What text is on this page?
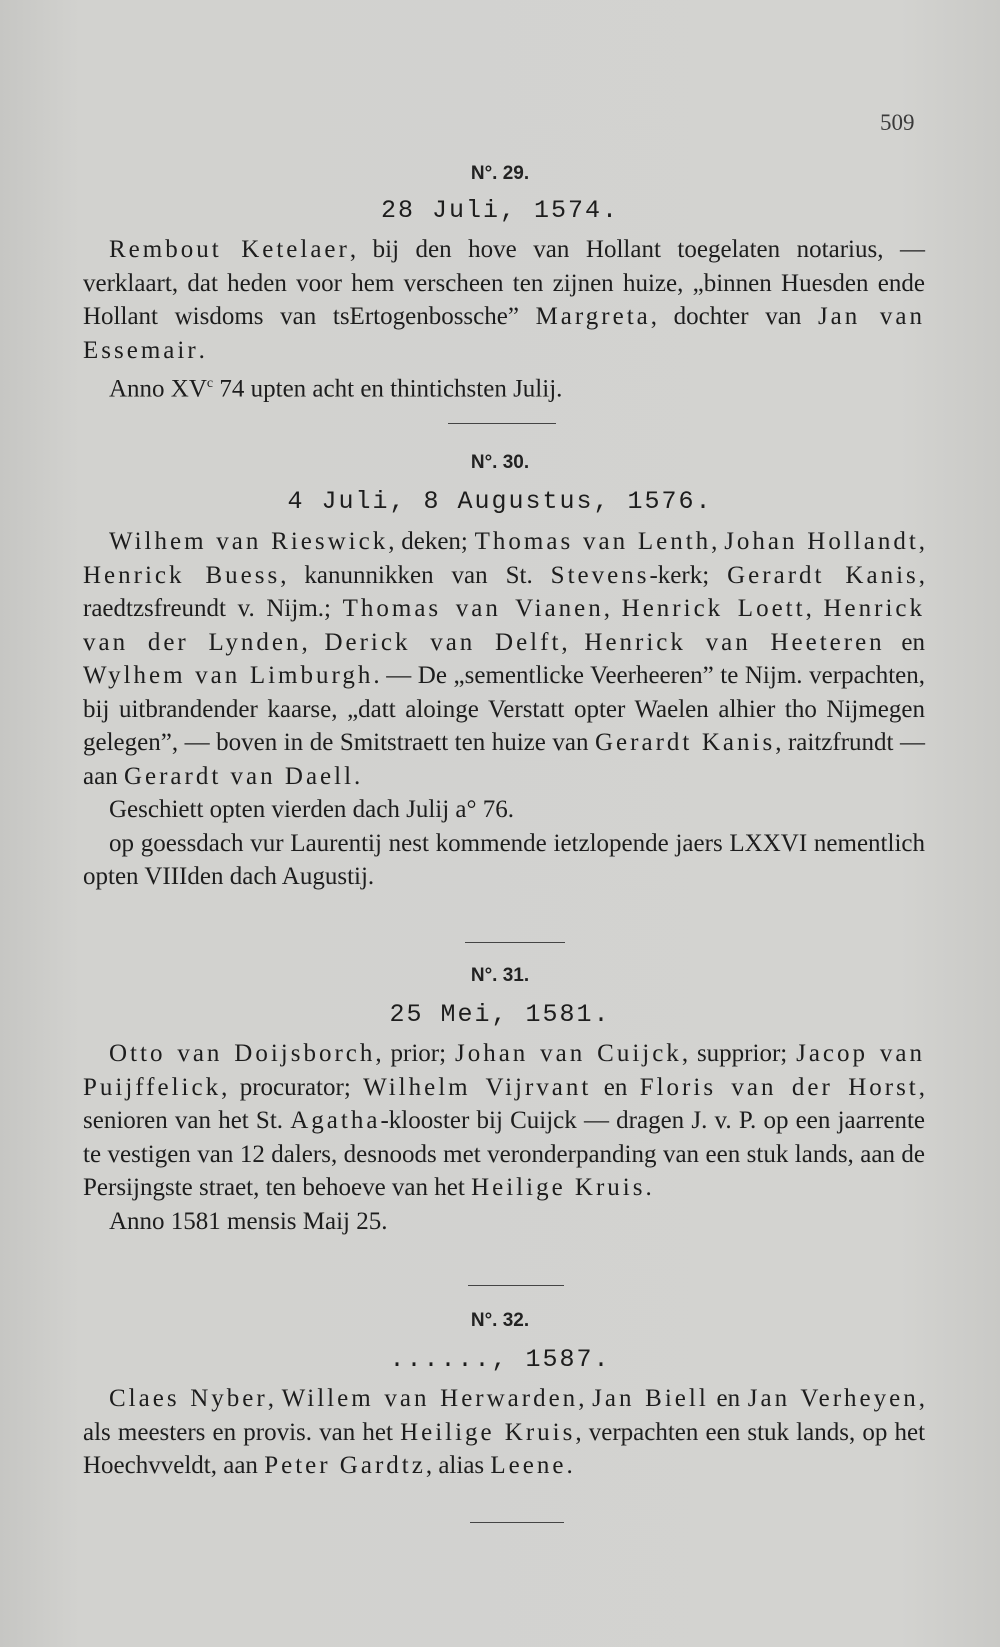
509
N°. 29.
28 Juli, 1574.

Rembout Ketelaer, bij den hove van Hollant toegelaten notarius, — verklaart, dat heden voor hem verscheen ten zijnen huize, „binnen Huesden ende Hollant wisdoms van tsErtogenbossche” Margreta, dochter van Jan van Essemair.

Anno $XV^c$ 74 upten acht en thintichsten Julij.

N°. 30.
4 Juli, 8 Augustus, 1576.

Wilhem van Rieswick, deken; Thomas van Lenth, Johan Hollandt, Henrick Buess, kanunnikken van St. Stevens-kerk; Gerardt Kanis, raedtzsfreundt v. Nijm.; Thomas van Vianen, Henrick Loett, Henrick van der Lynden, Derick van Delft, Henrick van Heeteren en Wylhem van Limburgh. — De „sementlicke Veerheeren” te Nijm. verpachten, bij uitbrandender kaarse, „datt aloinge Verstatt opter Waelen alhier tho Nijmegen gelegen”, — boven in de Smitstraett ten huize van Gerardt Kanis, raitzfrundt — aan Gerardt van Daell.

Geschiett opten vierden dach Julij a° 76.

op goessdach vur Laurentij nest kommende ietzlopende jaers LXXVI nementlich opten VIIIden dach Augustij.

N°. 31.
25 Mei, 1581.

Otto van Doijsborch, prior; Johan van Cuijck, supprior; Jacop van Puijffelick, procurator; Wilhelm Vijrvant en Floris van der Horst, senioren van het St. Agatha-klooster bij Cuijck — dragen J. v. P. op een jaarrente te vestigen van 12 dalers, desnoods met veronderpanding van een stuk lands, aan de Persijngste straet, ten behoeve van het Heilige Kruis.

Anno 1581 mensis Maij 25.

N°. 32.
......, 1587.

Claes Nyber, Willem van Herwarden, Jan Biell en Jan Verheyen, als meesters en provis. van het Heilige Kruis, verpachten een stuk lands, op het Hoechvveldt, aan Peter Gardtz, alias Leene.
